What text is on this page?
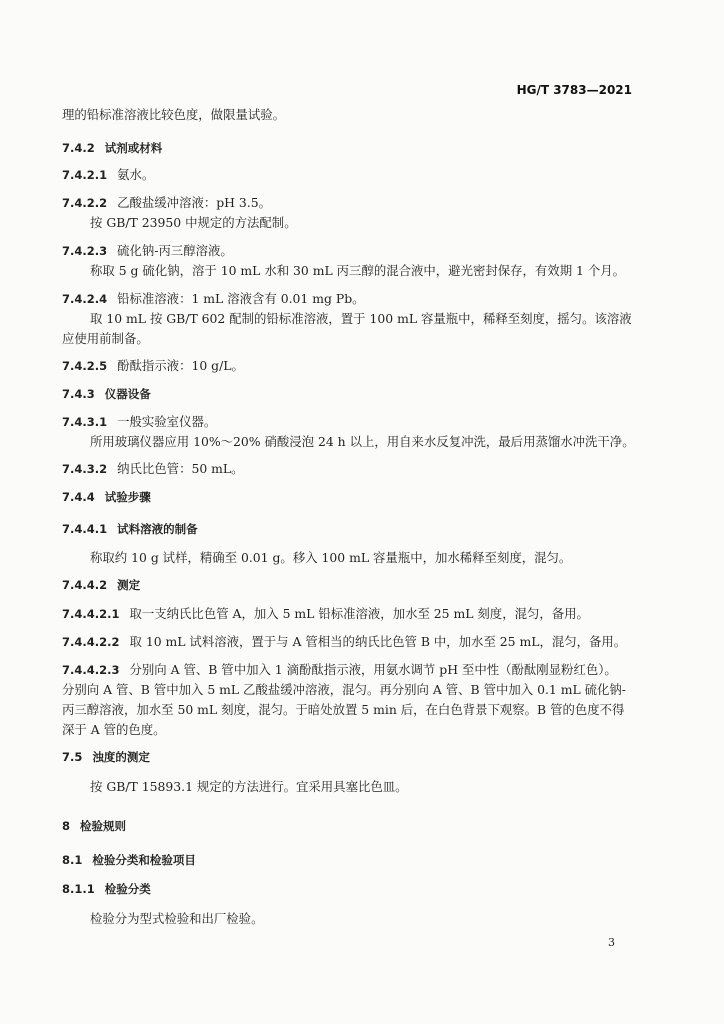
HG/T 3783—2021
理的铅标准溶液比较色度，做限量试验。
7.4.2 试剂或材料
7.4.2.1 氨水。
7.4.2.2 乙酸盐缓冲溶液：pH 3.5。
按 GB/T 23950 中规定的方法配制。
7.4.2.3 硫化钠-丙三醇溶液。
称取 5 g 硫化钠，溶于 10 mL 水和 30 mL 丙三醇的混合液中，避光密封保存，有效期 1 个月。
7.4.2.4 铅标准溶液：1 mL 溶液含有 0.01 mg Pb。
取 10 mL 按 GB/T 602 配制的铅标准溶液，置于 100 mL 容量瓶中，稀释至刻度，摇匀。该溶液
应使用前制备。
7.4.2.5 酚酞指示液：10 g/L。
7.4.3 仪器设备
7.4.3.1 一般实验室仪器。
所用玻璃仪器应用 10%～20% 硝酸浸泡 24 h 以上，用自来水反复冲洗，最后用蒸馏水冲洗干净。
7.4.3.2 纳氏比色管：50 mL。
7.4.4 试验步骤
7.4.4.1 试料溶液的制备
称取约 10 g 试样，精确至 0.01 g。移入 100 mL 容量瓶中，加水稀释至刻度，混匀。
7.4.4.2 测定
7.4.4.2.1 取一支纳氏比色管 A，加入 5 mL 铅标准溶液，加水至 25 mL 刻度，混匀，备用。
7.4.4.2.2 取 10 mL 试料溶液，置于与 A 管相当的纳氏比色管 B 中，加水至 25 mL，混匀，备用。
7.4.4.2.3 分别向 A 管、B 管中加入 1 滴酚酞指示液，用氨水调节 pH 至中性（酚酞刚显粉红色）。
分别向 A 管、B 管中加入 5 mL 乙酸盐缓冲溶液，混匀。再分别向 A 管、B 管中加入 0.1 mL 硫化钠-
丙三醇溶液，加水至 50 mL 刻度，混匀。于暗处放置 5 min 后，在白色背景下观察。B 管的色度不得
深于 A 管的色度。
7.5 浊度的测定
按 GB/T 15893.1 规定的方法进行。宜采用具塞比色皿。
8 检验规则
8.1 检验分类和检验项目
8.1.1 检验分类
检验分为型式检验和出厂检验。
3
